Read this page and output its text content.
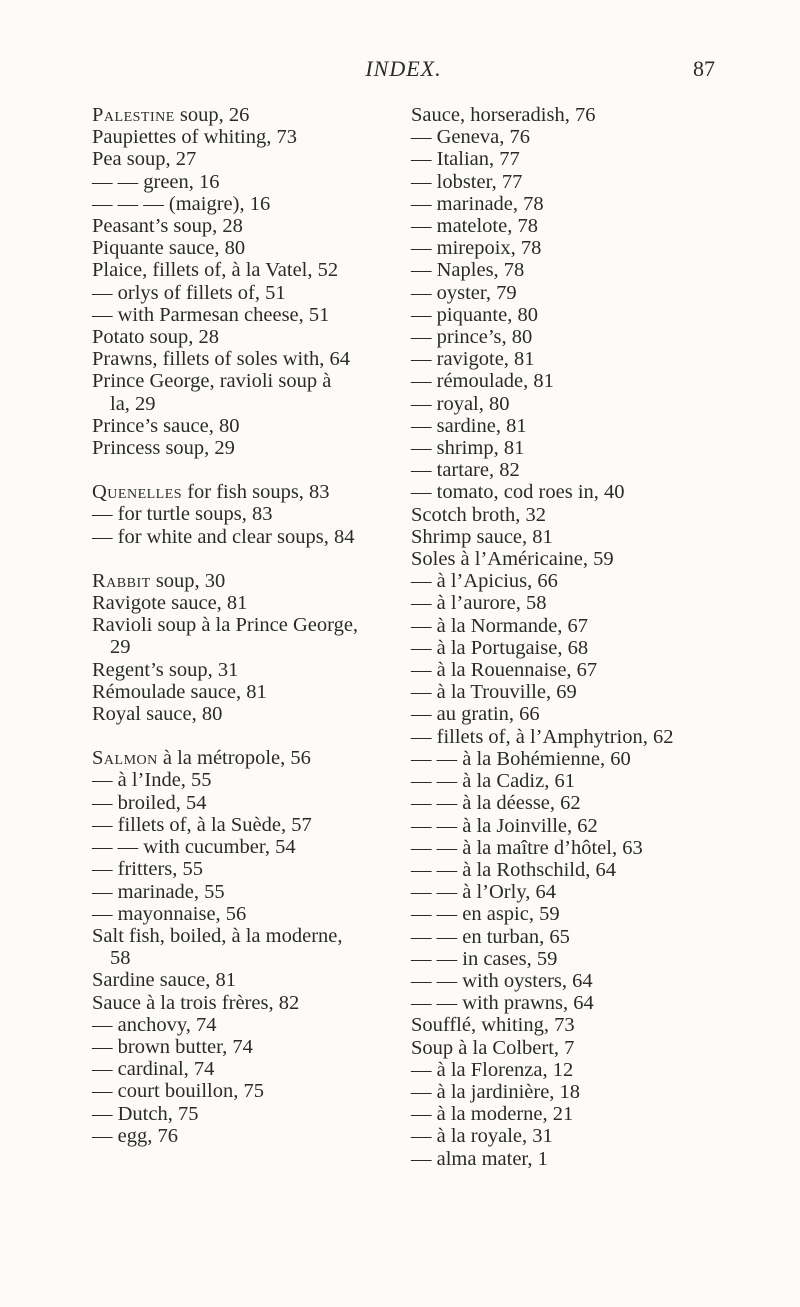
INDEX.	87
Palestine soup, 26
Paupiettes of whiting, 73
Pea soup, 27
— — green, 16
— — — (maigre), 16
Peasant’s soup, 28
Piquante sauce, 80
Plaice, fillets of, à la Vatel, 52
— orlys of fillets of, 51
— with Parmesan cheese, 51
Potato soup, 28
Prawns, fillets of soles with, 64
Prince George, ravioli soup à
la, 29
Prince’s sauce, 80
Princess soup, 29
Quenelles for fish soups, 83
— for turtle soups, 83
— for white and clear soups, 84
Rabbit soup, 30
Ravigote sauce, 81
Ravioli soup à la Prince George,
29
Regent’s soup, 31
Rémoulade sauce, 81
Royal sauce, 80
Salmon à la métropole, 56
— à l’Inde, 55
— broiled, 54
— fillets of, à la Suède, 57
— — with cucumber, 54
— fritters, 55
— marinade, 55
— mayonnaise, 56
Salt fish, boiled, à la moderne,
58
Sardine sauce, 81
Sauce à la trois frères, 82
— anchovy, 74
— brown butter, 74
— cardinal, 74
— court bouillon, 75
— Dutch, 75
— egg, 76
Sauce, horseradish, 76
— Geneva, 76
— Italian, 77
— lobster, 77
— marinade, 78
— matelote, 78
— mirepoix, 78
— Naples, 78
— oyster, 79
— piquante, 80
— prince’s, 80
— ravigote, 81
— rémoulade, 81
— royal, 80
— sardine, 81
— shrimp, 81
— tartare, 82
— tomato, cod roes in, 40
Scotch broth, 32
Shrimp sauce, 81
Soles à l’Américaine, 59
— à l’Apicius, 66
— à l’aurore, 58
— à la Normande, 67
— à la Portugaise, 68
— à la Rouennaise, 67
— à la Trouville, 69
— au gratin, 66
— fillets of, à l’Amphytrion, 62
— — à la Bohémienne, 60
— — à la Cadiz, 61
— — à la déesse, 62
— — à la Joinville, 62
— — à la maître d’hôtel, 63
— — à la Rothschild, 64
— — à l’Orly, 64
— — en aspic, 59
— — en turban, 65
— — in cases, 59
— — with oysters, 64
— — with prawns, 64
Soufflé, whiting, 73
Soup à la Colbert, 7
— à la Florenza, 12
— à la jardinière, 18
— à la moderne, 21
— à la royale, 31
— alma mater, 1
